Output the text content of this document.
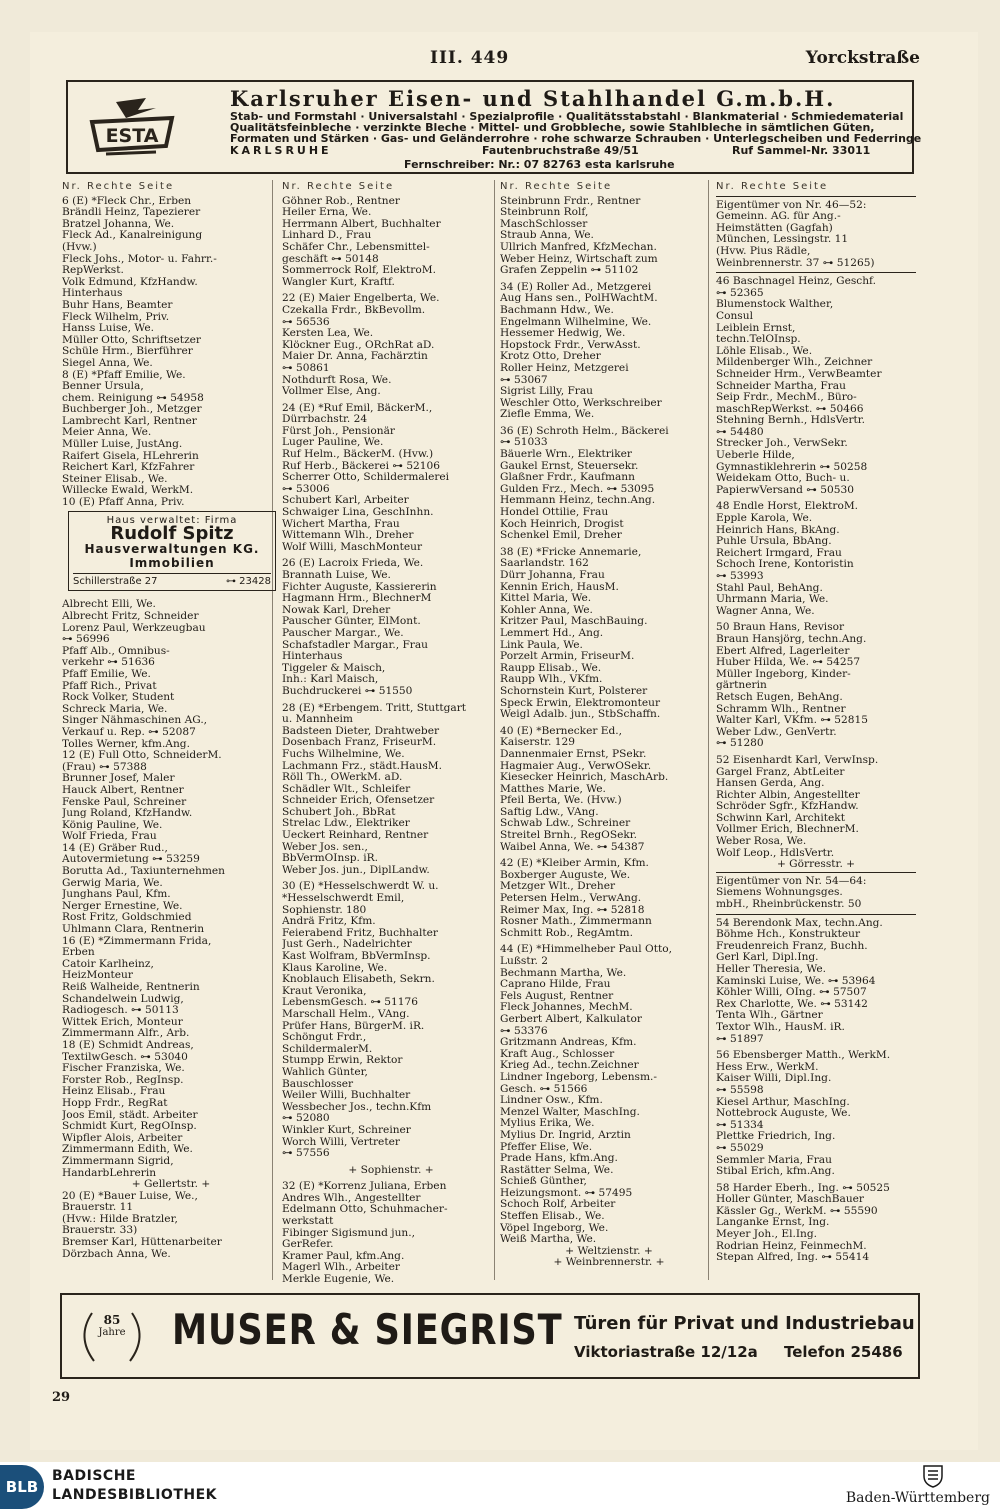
III. 449	Yorckstraße
ESTA
Karlsruher Eisen- und Stahlhandel G.m.b.H.
Stab- und Formstahl · Universalstahl · Spezialprofile · Qualitätsstabstahl · Blankmaterial · Schmiedematerial
Qualitätsfeinbleche · verzinkte Bleche · Mittel- und Grobbleche, sowie Stahlbleche in sämtlichen Güten,
Formaten und Stärken · Gas- und Geländerrohre · rohe schwarze Schrauben · Unterlegscheiben und Federringe
KARLSRUHE	Fautenbruchstraße 49/51	Ruf Sammel-Nr. 33011
Fernschreiber: Nr.: 07 82763 esta karlsruhe
Nr. Rechte Seite
6 (E) *Fleck Chr., Erben
Brändli Heinz, Tapezierer
Bratzel Johanna, We.
Fleck Ad., Kanalreinigung
(Hvw.)
Fleck Johs., Motor- u. Fahrr.-
RepWerkst.
Volk Edmund, KfzHandw.
Hinterhaus
Buhr Hans, Beamter
Fleck Wilhelm, Priv.
Hanss Luise, We.
Müller Otto, Schriftsetzer
Schüle Hrm., Bierführer
Siegel Anna, We.
8 (E) *Pfaff Emilie, We.
Benner Ursula,
chem. Reinigung ⊶ 54958
Buchberger Joh., Metzger
Lambrecht Karl, Rentner
Meier Anna, We.
Müller Luise, JustAng.
Raifert Gisela, HLehrerin
Reichert Karl, KfzFahrer
Steiner Elisab., We.
Willecke Ewald, WerkM.
10 (E) Pfaff Anna, Priv.
Haus verwaltet: Firma
Rudolf Spitz
Hausverwaltungen KG.
Immobilien
Schillerstraße 27	⊶ 23428
Albrecht Elli, We.
Albrecht Fritz, Schneider
Lorenz Paul, Werkzeugbau
⊶ 56996
Pfaff Alb., Omnibus-
verkehr ⊶ 51636
Pfaff Emilie, We.
Pfaff Rich., Privat
Rock Volker, Student
Schreck Maria, We.
Singer Nähmaschinen AG.,
Verkauf u. Rep. ⊶ 52087
Tolles Werner, kfm.Ang.
12 (E) Full Otto, SchneiderM.
(Frau) ⊶ 57388
Brunner Josef, Maler
Hauck Albert, Rentner
Fenske Paul, Schreiner
Jung Roland, KfzHandw.
König Pauline, We.
Wolf Frieda, Frau
14 (E) Gräber Rud.,
Autovermietung ⊶ 53259
Borutta Ad., Taxiunternehmen
Gerwig Maria, We.
Junghans Paul, Kfm.
Nerger Ernestine, We.
Rost Fritz, Goldschmied
Uhlmann Clara, Rentnerin
16 (E) *Zimmermann Frida,
Erben
Catoir Karlheinz,
HeizMonteur
Reiß Walheide, Rentnerin
Schandelwein Ludwig,
Radiogesch. ⊶ 50113
Wittek Erich, Monteur
Zimmermann Alfr., Arb.
18 (E) Schmidt Andreas,
TextilwGesch. ⊶ 53040
Fischer Franziska, We.
Forster Rob., RegInsp.
Heinz Elisab., Frau
Hopp Frdr., RegRat
Joos Emil, städt. Arbeiter
Schmidt Kurt, RegOInsp.
Wipfler Alois, Arbeiter
Zimmermann Edith, We.
Zimmermann Sigrid,
HandarbLehrerin
+ Gellertstr. +
20 (E) *Bauer Luise, We.,
Brauerstr. 11
(Hvw.: Hilde Bratzler,
Brauerstr. 33)
Bremser Karl, Hüttenarbeiter
Dörzbach Anna, We.
Nr. Rechte Seite
Göhner Rob., Rentner
Heiler Erna, We.
Herrmann Albert, Buchhalter
Linhard D., Frau
Schäfer Chr., Lebensmittel-
geschäft ⊶ 50148
Sommerrock Rolf, ElektroM.
Wangler Kurt, Kraftf.

22 (E) Maier Engelberta, We.
Czekalla Frdr., BkBevollm.
⊶ 56536
Kersten Lea, We.
Klöckner Eug., ORchRat aD.
Maier Dr. Anna, Fachärztin
⊶ 50861
Nothdurft Rosa, We.
Vollmer Else, Ang.

24 (E) *Ruf Emil, BäckerM.,
Dürrbachstr. 24
Fürst Joh., Pensionär
Luger Pauline, We.
Ruf Helm., BäckerM. (Hvw.)
Ruf Herb., Bäckerei ⊶ 52106
Scherrer Otto, Schildermalerei
⊶ 53006
Schubert Karl, Arbeiter
Schwaiger Lina, GeschInhn.
Wichert Martha, Frau
Wittemann Wlh., Dreher
Wolf Willi, MaschMonteur

26 (E) Lacroix Frieda, We.
Brannath Luise, We.
Fichter Auguste, Kassiererin
Hagmann Hrm., BlechnerM
Nowak Karl, Dreher
Pauscher Günter, ElMont.
Pauscher Margar., We.
Schafstadler Margar., Frau
Hinterhaus
Tiggeler & Maisch,
Inh.: Karl Maisch,
Buchdruckerei ⊶ 51550

28 (E) *Erbengem. Tritt, Stuttgart
u. Mannheim
Badsteen Dieter, Drahtweber
Dosenbach Franz, FriseurM.
Fuchs Wilhelmine, We.
Lachmann Frz., städt.HausM.
Röll Th., OWerkM. aD.
Schädler Wlt., Schleifer
Schneider Erich, Ofensetzer
Schubert Joh., BbRat
Strelac Ldw., Elektriker
Ueckert Reinhard, Rentner
Weber Jos. sen.,
BbVermOInsp. iR.
Weber Jos. jun., DiplLandw.

30 (E) *Hesselschwerdt W. u.
*Hesselschwerdt Emil,
Sophienstr. 180
Andrä Fritz, Kfm.
Feierabend Fritz, Buchhalter
Just Gerh., Nadelrichter
Kast Wolfram, BbVermInsp.
Klaus Karoline, We.
Knoblauch Elisabeth, Sekrn.
Kraut Veronika,
LebensmGesch. ⊶ 51176
Marschall Helm., VAng.
Prüfer Hans, BürgerM. iR.
Schöngut Frdr.,
SchildermalerM.
Stumpp Erwin, Rektor
Wahlich Günter,
Bauschlosser
Weiler Willi, Buchhalter
Wessbecher Jos., techn.Kfm
⊶ 52080
Winkler Kurt, Schreiner
Worch Willi, Vertreter
⊶ 57556

+ Sophienstr. +

32 (E) *Korrenz Juliana, Erben
Andres Wlh., Angestellter
Edelmann Otto, Schuhmacher-
werkstatt
Fibinger Sigismund jun.,
GerRefer.
Kramer Paul, kfm.Ang.
Magerl Wlh., Arbeiter
Merkle Eugenie, We.
Nr. Rechte Seite
Steinbrunn Frdr., Rentner
Steinbrunn Rolf,
MaschSchlosser
Straub Anna, We.
Ullrich Manfred, KfzMechan.
Weber Heinz, Wirtschaft zum
Grafen Zeppelin ⊶ 51102

34 (E) Roller Ad., Metzgerei
Aug Hans sen., PolHWachtM.
Bachmann Hdw., We.
Engelmann Wilhelmine, We.
Hessemer Hedwig, We.
Hopstock Frdr., VerwAsst.
Krotz Otto, Dreher
Roller Heinz, Metzgerei
⊶ 53067
Sigrist Lilly, Frau
Weschler Otto, Werkschreiber
Ziefle Emma, We.

36 (E) Schroth Helm., Bäckerei
⊶ 51033
Bäuerle Wrn., Elektriker
Gaukel Ernst, Steuersekr.
Glaßner Frdr., Kaufmann
Gulden Frz., Mech. ⊶ 53095
Hemmann Heinz, techn.Ang.
Hondel Ottilie, Frau
Koch Heinrich, Drogist
Schenkel Emil, Dreher

38 (E) *Fricke Annemarie,
Saarlandstr. 162
Dürr Johanna, Frau
Kennin Erich, HausM.
Kittel Maria, We.
Kohler Anna, We.
Kritzer Paul, MaschBauing.
Lemmert Hd., Ang.
Link Paula, We.
Porzelt Armin, FriseurM.
Raupp Elisab., We.
Raupp Wlh., VKfm.
Schornstein Kurt, Polsterer
Speck Erwin, Elektromonteur
Weigl Adalb. jun., StbSchaffn.

40 (E) *Bernecker Ed.,
Kaiserstr. 129
Dannenmaier Ernst, PSekr.
Hagmaier Aug., VerwOSekr.
Kiesecker Heinrich, MaschArb.
Matthes Marie, We.
Pfeil Berta, We. (Hvw.)
Saftig Ldw., VAng.
Schwab Ldw., Schreiner
Streitel Brnh., RegOSekr.
Waibel Anna, We. ⊶ 54387

42 (E) *Kleiber Armin, Kfm.
Boxberger Auguste, We.
Metzger Wlt., Dreher
Petersen Helm., VerwAng.
Reimer Max, Ing. ⊶ 52818
Rosner Math., Zimmermann
Schmitt Rob., RegAmtm.

44 (E) *Himmelheber Paul Otto,
Lußstr. 2
Bechmann Martha, We.
Caprano Hilde, Frau
Fels August, Rentner
Fleck Johannes, MechM.
Gerbert Albert, Kalkulator
⊶ 53376
Gritzmann Andreas, Kfm.
Kraft Aug., Schlosser
Krieg Ad., techn.Zeichner
Lindner Ingeborg, Lebensm.-
Gesch. ⊶ 51566
Lindner Osw., Kfm.
Menzel Walter, MaschIng.
Mylius Erika, We.
Mylius Dr. Ingrid, Ärztin
Pfeffer Elise, We.
Prade Hans, kfm.Ang.
Rastätter Selma, We.
Schieß Günther,
Heizungsmont. ⊶ 57495
Schoch Rolf, Arbeiter
Steffen Elisab., We.
Vöpel Ingeborg, We.
Weiß Martha, We.
+ Weltzienstr. +
+ Weinbrennerstr. +
Nr. Rechte Seite
Eigentümer von Nr. 46—52:
Gemeinn. AG. für Ang.-
Heimstätten (Gagfah)
München, Lessingstr. 11
(Hvw. Pius Rädle,
Weinbrennerstr. 37 ⊶ 51265)
46 Baschnagel Heinz, Geschf.
⊶ 52365
Blumenstock Walther,
Consul
Leiblein Ernst,
techn.TelOInsp.
Löhle Elisab., We.
Mildenberger Wlh., Zeichner
Schneider Hrm., VerwBeamter
Schneider Martha, Frau
Seip Frdr., MechM., Büro-
maschRepWerkst. ⊶ 50466
Stehning Bernh., HdlsVertr.
⊶ 54480
Strecker Joh., VerwSekr.
Ueberle Hilde,
Gymnastiklehrerin ⊶ 50258
Weidekam Otto, Buch- u.
PapierwVersand ⊶ 50530

48 Endle Horst, ElektroM.
Epple Karola, We.
Heinrich Hans, BkAng.
Puhle Ursula, BbAng.
Reichert Irmgard, Frau
Schoch Irene, Kontoristin
⊶ 53993
Stahl Paul, BehAng.
Uhrmann Maria, We.
Wagner Anna, We.

50 Braun Hans, Revisor
Braun Hansjörg, techn.Ang.
Ebert Alfred, Lagerleiter
Huber Hilda, We. ⊶ 54257
Müller Ingeborg, Kinder-
gärtnerin
Retsch Eugen, BehAng.
Schramm Wlh., Rentner
Walter Karl, VKfm. ⊶ 52815
Weber Ldw., GenVertr.
⊶ 51280

52 Eisenhardt Karl, VerwInsp.
Gargel Franz, AbtLeiter
Hansen Gerda, Ang.
Richter Albin, Angestellter
Schröder Sgfr., KfzHandw.
Schwinn Karl, Architekt
Vollmer Erich, BlechnerM.
Weber Rosa, We.
Wolf Leop., HdlsVertr.
+ Görresstr. +
Eigentümer von Nr. 54—64:
Siemens Wohnungsges.
mbH., Rheinbrückenstr. 50
54 Berendonk Max, techn.Ang.
Böhme Hch., Konstrukteur
Freudenreich Franz, Buchh.
Gerl Karl, Dipl.Ing.
Heller Theresia, We.
Kaminski Luise, We. ⊶ 53964
Köhler Willi, OIng. ⊶ 57507
Rex Charlotte, We. ⊶ 53142
Tenta Wlh., Gärtner
Textor Wlh., HausM. iR.
⊶ 51897

56 Ebensberger Matth., WerkM.
Hess Erw., WerkM.
Kaiser Willi, Dipl.Ing.
⊶ 55598
Kiesel Arthur, MaschIng.
Nottebrock Auguste, We.
⊶ 51334
Plettke Friedrich, Ing.
⊶ 55029
Semmler Maria, Frau
Stibal Erich, kfm.Ang.

58 Harder Eberh., Ing. ⊶ 50525
Holler Günter, MaschBauer
Kässler Gg., WerkM. ⊶ 55590
Langanke Ernst, Ing.
Meyer Joh., El.Ing.
Rodrian Heinz, FeinmechM.
Stepan Alfred, Ing. ⊶ 55414
85
Jahre	MUSER & SIEGRIST Türen für Privat und Industriebau
Viktoriastraße 12/12a Telefon 25486
29
BLB
BADISCHE
LANDESBIBLIOTHEK	Baden-Württemberg
